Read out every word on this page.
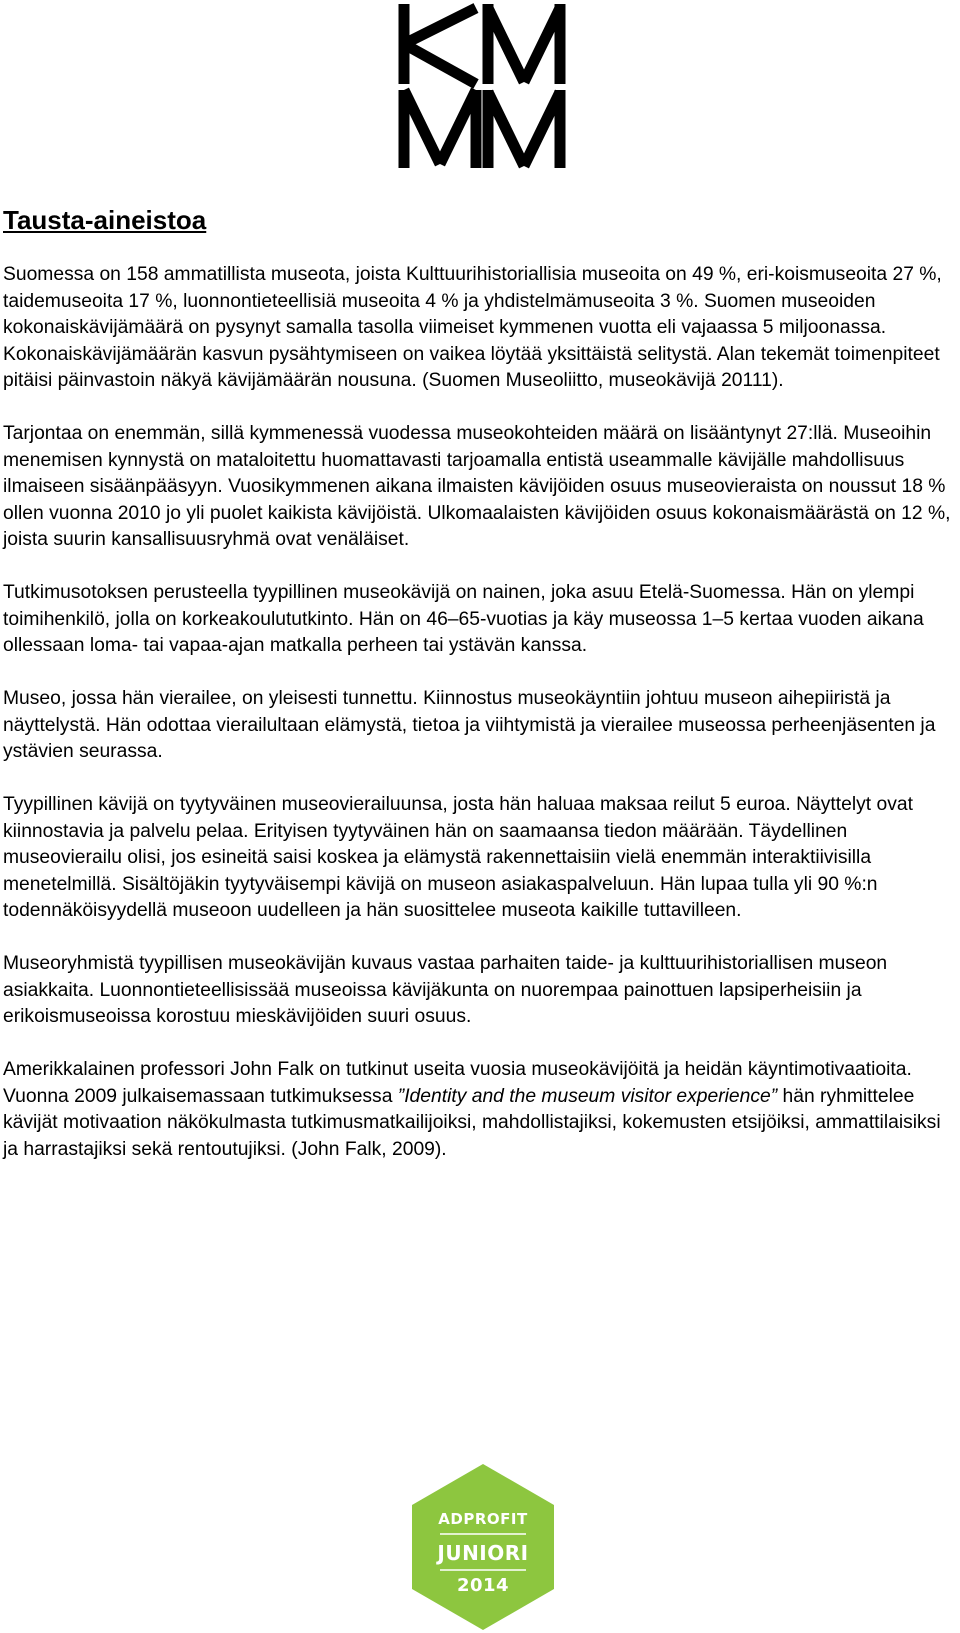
Tausta-aineistoa

Suomessa on 158 ammatillista museota, joista Kulttuurihistoriallisia museoita on 49 %, eri-koismuseoita 27 %, taidemuseoita 17 %, luonnontieteellisiä museoita 4 % ja yhdistelmämuseoita 3 %. Suomen museoiden kokonaiskävijämäärä on pysynyt samalla tasolla viimeiset kymmenen vuotta eli vajaassa 5 miljoonassa. Kokonaiskävijämäärän kasvun pysähtymiseen on vaikea löytää yksittäistä selitystä. Alan tekemät toimenpiteet pitäisi päinvastoin näkyä kävijämäärän nousuna. (Suomen Museoliitto, museokävijä 20111).

Tarjontaa on enemmän, sillä kymmenessä vuodessa museokohteiden määrä on lisääntynyt 27:llä. Museoihin menemisen kynnystä on mataloitettu huomattavasti tarjoamalla entistä useammalle kävijälle mahdollisuus ilmaiseen sisäänpääsyyn. Vuosikymmenen aikana ilmaisten kävijöiden osuus museovieraista on noussut 18 % ollen vuonna 2010 jo yli puolet kaikista kävijöistä. Ulkomaalaisten kävijöiden osuus kokonaismäärästä on 12 %, joista suurin kansallisuusryhmä ovat venäläiset.

Tutkimusotoksen perusteella tyypillinen museokävijä on nainen, joka asuu Etelä-Suomessa. Hän on ylempi toimihenkilö, jolla on korkeakoulututkinto. Hän on 46–65-vuotias ja käy museossa 1–5 kertaa vuoden aikana ollessaan loma- tai vapaa-ajan matkalla perheen tai ystävän kanssa.

Museo, jossa hän vierailee, on yleisesti tunnettu. Kiinnostus museokäyntiin johtuu museon aihepiiristä ja näyttelystä. Hän odottaa vierailultaan elämystä, tietoa ja viihtymistä ja vierailee museossa perheenjäsenten ja ystävien seurassa.

Tyypillinen kävijä on tyytyväinen museovierailuunsa, josta hän haluaa maksaa reilut 5 euroa. Näyttelyt ovat kiinnostavia ja palvelu pelaa. Erityisen tyytyväinen hän on saamaansa tiedon määrään. Täydellinen museovierailu olisi, jos esineitä saisi koskea ja elämystä rakennettaisiin vielä enemmän interaktiivisilla menetelmillä. Sisältöjäkin tyytyväisempi kävijä on museon asiakaspalveluun. Hän lupaa tulla yli 90 %:n todennäköisyydellä museoon uudelleen ja hän suosittelee museota kaikille tuttavilleen.

Museoryhmistä tyypillisen museokävijän kuvaus vastaa parhaiten taide- ja kulttuurihistoriallisen museon asiakkaita. Luonnontieteellisissää museoissa kävijäkunta on nuorempaa painottuen lapsiperheisiin ja erikoismuseoissa korostuu mieskävijöiden suuri osuus.

Amerikkalainen professori John Falk on tutkinut useita vuosia museokävijöitä ja heidän käyntimotivaatioita. Vuonna 2009 julkaisemassaan tutkimuksessa ”Identity and the museum visitor experience” hän ryhmittelee kävijät motivaation näkökulmasta tutkimusmatkailijoiksi, mahdollistajiksi, kokemusten etsijöiksi, ammattilaisiksi ja harrastajiksi sekä rentoutujiksi. (John Falk, 2009).

ADPROFIT
JUNIORI
2014
